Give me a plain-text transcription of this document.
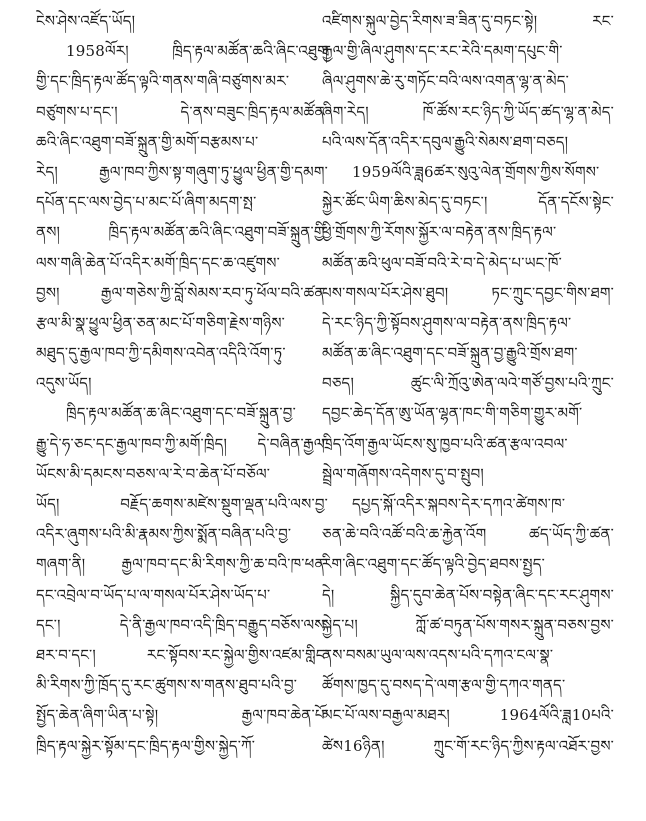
ངེས་ཤེས་འཛོད་ཡོད།
1958ལོར། ཁྲིད་རྟལ་མཚོན་ཆའི་ཞིང་འཐུག
གྱི་དང་ཁྲིད་རྟལ་ཚོད་ལྟའི་གནས་གཞི་བཙུགས་མར་
བཙུགས་པ་དང་། དེ་ནས་བཟུང་ཁྲིད་རྟལ་མཚོན་
ཆའི་ཞིང་འཐུག་བཟོ་སྐྲུན་གྱི་མགོ་བརྩམས་པ་
རེད། རྒྱལ་ཁབ་ཀྱིས་སྟ་གཞུག་ཏུ་ཕྱུལ་ཕྱིན་གྱི་དམག་
དཔོན་དང་ལས་བྱེད་པ་མང་པོ་ཞིག་མདག་སྤ་
ནས། ཁྲིད་རྟལ་མཚོན་ཆའི་ཞིང་འཐུག་བཟོ་སྐྲུན་གྱི་
ལས་གཞི་ཆེན་པོ་འདིར་མགོ་ཁྲིད་དང་ཆ་འཛུགས་
བྱས། རྒྱལ་གཅེས་ཀྱི་བློ་སེམས་རབ་ཏུ་ཕོལ་བའི་ཚན་
རྩལ་མི་སྣ་ཕྱུལ་ཕྱིན་ཅན་མང་པོ་གཅིག་རྗེས་གཉིས་
མཐུད་དུ་རྒྱལ་ཁབ་ཀྱི་དམིགས་འབེན་འདིའི་འོག་ཏུ་
འདུས་ཡོད།
ཁྲིད་རྟལ་མཚོན་ཆ་ཞིང་འཐུག་དང་བཟོ་སྐྲུན་བྱ་
རྒྱུ་དེ་ཧ་ཅང་དང་རྒྱལ་ཁབ་ཀྱི་མགོ་ཁྲིད། དེ་བཞིན་རྒྱལ་
ཡོངས་མི་དམངས་བཅས་ལ་རེ་བ་ཆེན་པོ་བཅོལ་
ཡོད། བརྗོད་ཆགས་མཛེས་སྡུག་ལྡན་པའི་ལས་བྱ་
འདིར་ཞུགས་པའི་མི་རྣམས་ཀྱིས་སྨོན་བཞིན་པའི་བྱ་
གཞག་ནི། རྒྱལ་ཁབ་དང་མི་རིགས་ཀྱི་ཆ་བའི་ཁ་ཕན་
དང་འབྲེལ་བ་ཡོད་པ་ལ་གསལ་པོར་ཤེས་ཡོད་པ་
དང་། དེ་ནི་རྒྱལ་ཁབ་འདི་ཁྲིད་བརྒྱུད་བཅོས་ལས་
ཐར་བ་དང་། རང་སྟོབས་རང་སྐྱེལ་གྱིས་འཛམ་གླིང་
མི་རིགས་ཀྱི་ཁྲོད་དུ་རང་ཚུགས་ས་གནས་ཐུབ་པའི་བྱ་
སྤྱོད་ཆེན་ཞིག་ཡིན་པ་སྟེ། རྒྱལ་ཁབ་ཆེན་པོ་
ཁྲིད་རྟལ་སྐྱེར་སྟོམ་དང་ཁྲིད་རྟལ་གྱིས་སྐྱེད་ཀོ་
འཛིགས་སྐུལ་བྱེད་རིགས་ཟ་ཟིན་དུ་བཏང་སྟེ། རང་
རྒྱལ་གྱི་ཞིལ་ཤུགས་དང་རང་རེའི་དམག་དཔུང་གི་
ཞིལ་ཤུགས་ཆེ་རུ་གཏོང་བའི་ལས་འགན་ལྷ་ན་མེད་
ཞིག་རེད། ཁོ་ཚོས་རང་ཉིད་ཀྱི་ཡོད་ཚད་ལྷ་ན་མེད་
པའི་ལས་དོན་འདིར་དབུལ་རྒྱུའི་སེམས་ཐག་བཅད།
1959ལོའི་ཟླ6ཚར་སུའུ་ལེན་གྲོགས་ཀྱིས་སོགས་
སྐྱེར་ཚོང་ཡིག་ཆིས་མེད་དུ་བཏང་། དོན་དངོས་སྟེང་
ཕྱི་གྲོགས་ཀྱི་རོགས་སྐྱོར་ལ་བརྟེན་ནས་ཁྲིད་རྟལ་
མཚོན་ཆའི་ཕུལ་བཟོ་བའི་རེ་བ་དེ་མེད་པ་ཡང་ཁོ་
པས་གསལ་པོར་ཤེས་ཐུབ། ཏང་ཀྲུང་དབྱང་གིས་ཐག་
དེ་རང་ཉིད་ཀྱི་སྟོབས་ཤུགས་ལ་བརྟེན་ནས་ཁྲིད་རྟལ་
མཚོན་ཆ་ཞིང་འཐུག་དང་བཟོ་སྐྲུན་བྱ་རྒྱུའི་གྲོས་ཐག་
བཅད། ཚུང་ལི་ཀྲོའུ་ཨེན་ལའེ་གཙོ་བྱས་པའི་ཀྲུང་
དབྱང་ཆེད་དོན་ཨུ་ཡོན་ལྷན་ཁང་གི་གཅིག་གྱུར་མགོ་
ཁྲིད་འོག་རྒྱལ་ཡོངས་སུ་ཁྱབ་པའི་ཚན་རྩལ་འབལ་
སྦྲེལ་གཞོགས་འདེགས་དུ་བ་སྤུབ།
དཔྱད་སྐོ་འདིར་སྐབས་དེར་དཀའ་ཚེགས་ཁ་
ཅན་ཆེ་བའི་འཚོ་བའི་ཆ་རྐྱེན་འོག ཚད་ཡོད་ཀྱི་ཚན་
རིག་ཞིང་འཐུག་དང་ཚོད་ལྟའི་བྱེད་ཐབས་སྤྱད་
དེ། སྐྱིད་དུབ་ཆེན་པོས་བསྟེན་ཞིང་དང་རང་ཤུགས་
སྐྱེད་པ། ཀློ་ཚ་བཏུན་པོས་གསར་སྐྲུན་བཅས་བྱས་
ནས་བསམ་ཡུལ་ལས་འདས་པའི་དཀའ་ངལ་སྣ་
ཚོགས་ཁྱད་དུ་བསད་དེ་ལག་རྩལ་གྱི་དཀའ་གནད་
མང་པོ་ལས་བརྒྱལ་མཐར། 1964ལོའི་ཟླ10པའི་
ཚེས16ཉིན། ཀྲུང་གོ་རང་ཉིད་ཀྱིས་རྟལ་འཐོར་བྱས་
